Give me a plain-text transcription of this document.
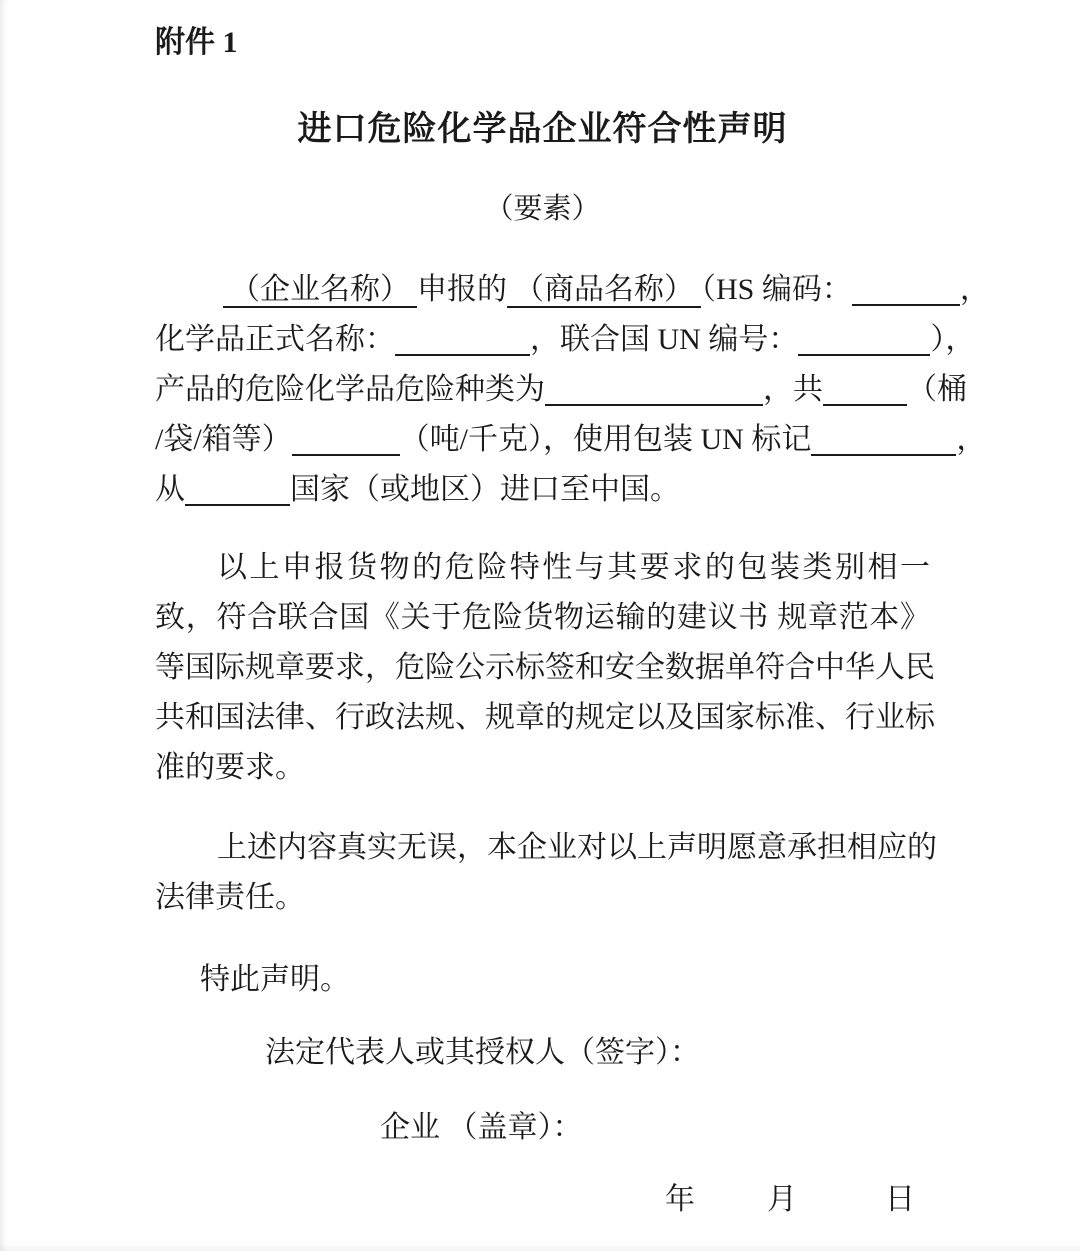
附件 1
进口危险化学品企业符合性声明
（要素）
（企业名称） 申报的 （商品名称） （HS 编码：	，
化学品正式名称：	，联合国 UN 编号：	），
产品的危险化学品危险种类为	，共	（桶
/袋/箱等）	（吨/千克），使用包装 UN 标记	，
从	国家（或地区）进口至中国。
以上申报货物的危险特性与其要求的包装类别相一
致，符合联合国《关于危险货物运输的建议书 规章范本》
等国际规章要求，危险公示标签和安全数据单符合中华人民
共和国法律、行政法规、规章的规定以及国家标准、行业标
准的要求。
上述内容真实无误，本企业对以上声明愿意承担相应的
法律责任。
特此声明。
法定代表人或其授权人（签字）：
企业 （盖章）：
年 月	日
